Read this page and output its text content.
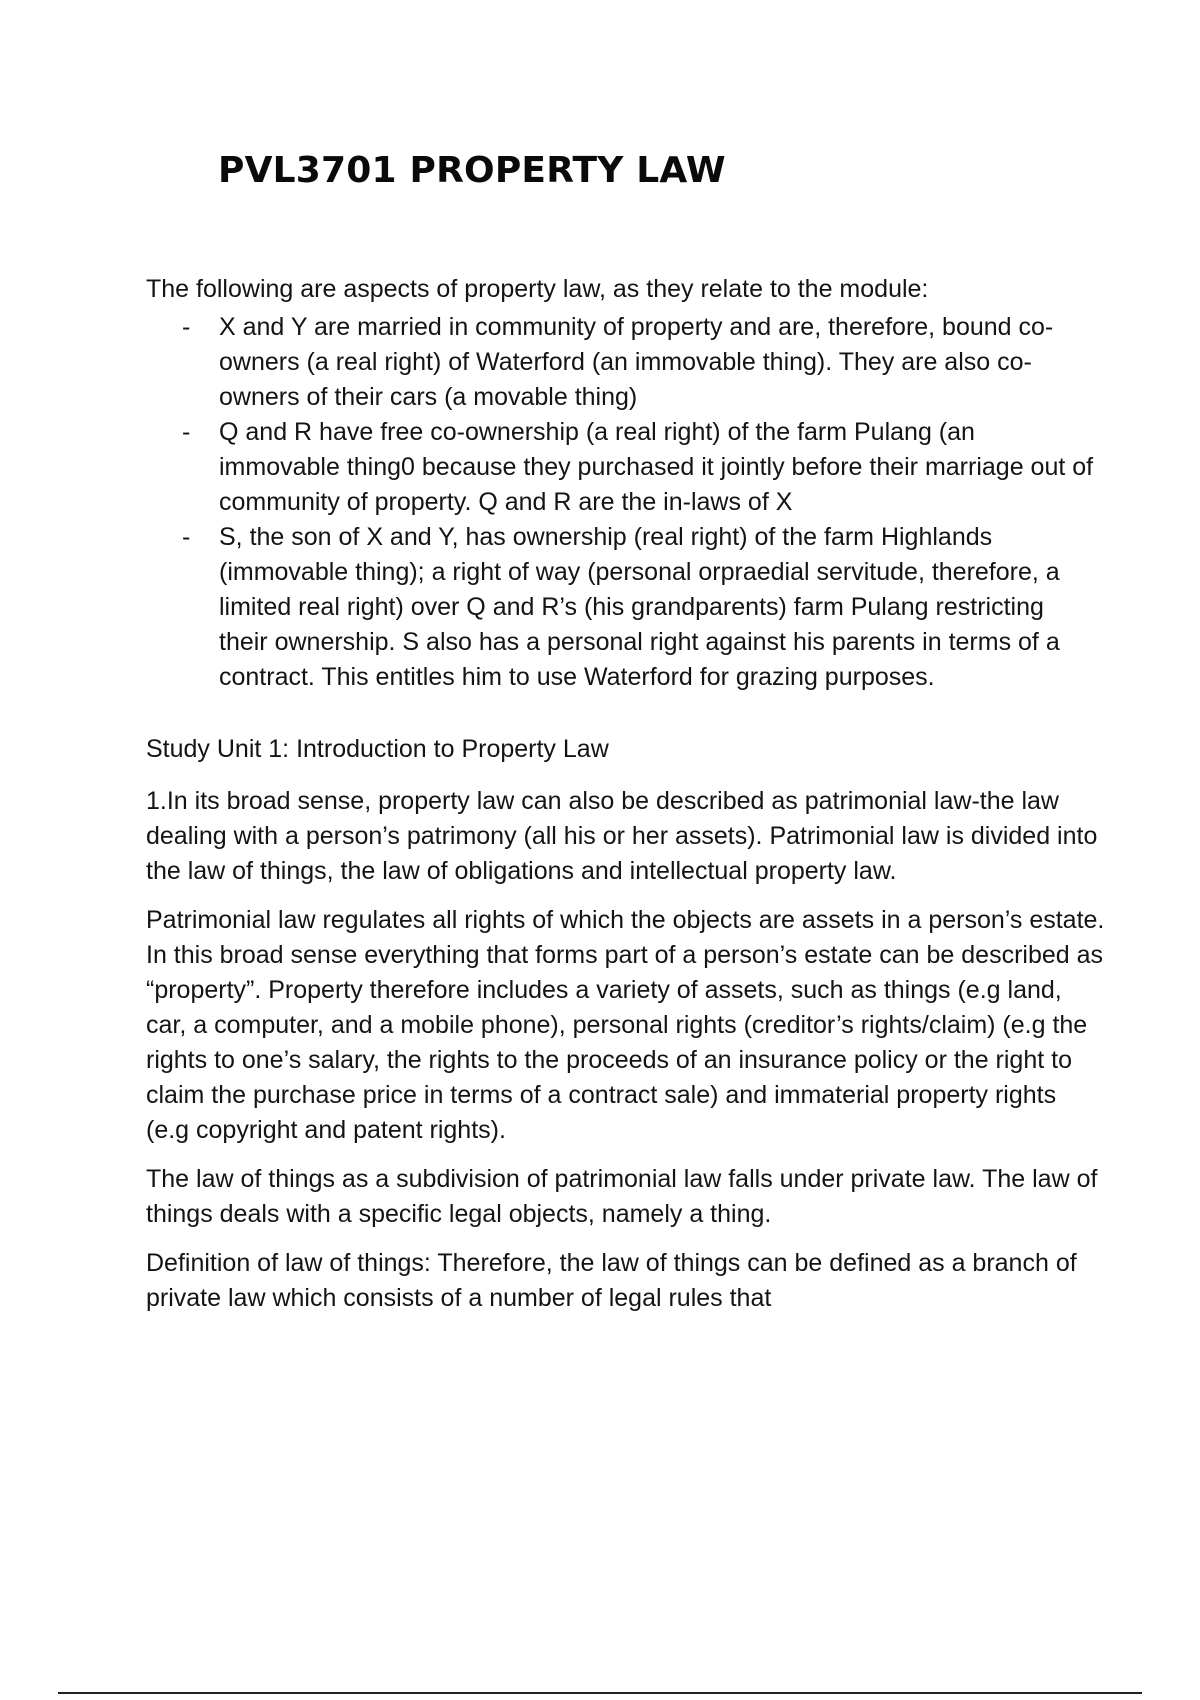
PVL3701 PROPERTY LAW

The following are aspects of property law, as they relate to the module:

- X and Y are married in community of property and are, therefore, bound co-owners (a real right) of Waterford (an immovable thing). They are also co-owners of their cars (a movable thing)
- Q and R have free co-ownership (a real right) of the farm Pulang (an immovable thing0 because they purchased it jointly before their marriage out of community of property. Q and R are the in-laws of X
- S, the son of X and Y, has ownership (real right) of the farm Highlands (immovable thing); a right of way (personal orpraedial servitude, therefore, a limited real right) over Q and R’s (his grandparents) farm Pulang restricting their ownership. S also has a personal right against his parents in terms of a contract. This entitles him to use Waterford for grazing purposes.

Study Unit 1: Introduction to Property Law

1.In its broad sense, property law can also be described as patrimonial law-the law dealing with a person’s patrimony (all his or her assets). Patrimonial law is divided into the law of things, the law of obligations and intellectual property law.

Patrimonial law regulates all rights of which the objects are assets in a person’s estate. In this broad sense everything that forms part of a person’s estate can be described as “property”. Property therefore includes a variety of assets, such as things (e.g land, car, a computer, and a mobile phone), personal rights (creditor’s rights/claim) (e.g the rights to one’s salary, the rights to the proceeds of an insurance policy or the right to claim the purchase price in terms of a contract sale) and immaterial property rights (e.g copyright and patent rights).

The law of things as a subdivision of patrimonial law falls under private law. The law of things deals with a specific legal objects, namely a thing.

Definition of law of things: Therefore, the law of things can be defined as a branch of private law which consists of a number of legal rules that
